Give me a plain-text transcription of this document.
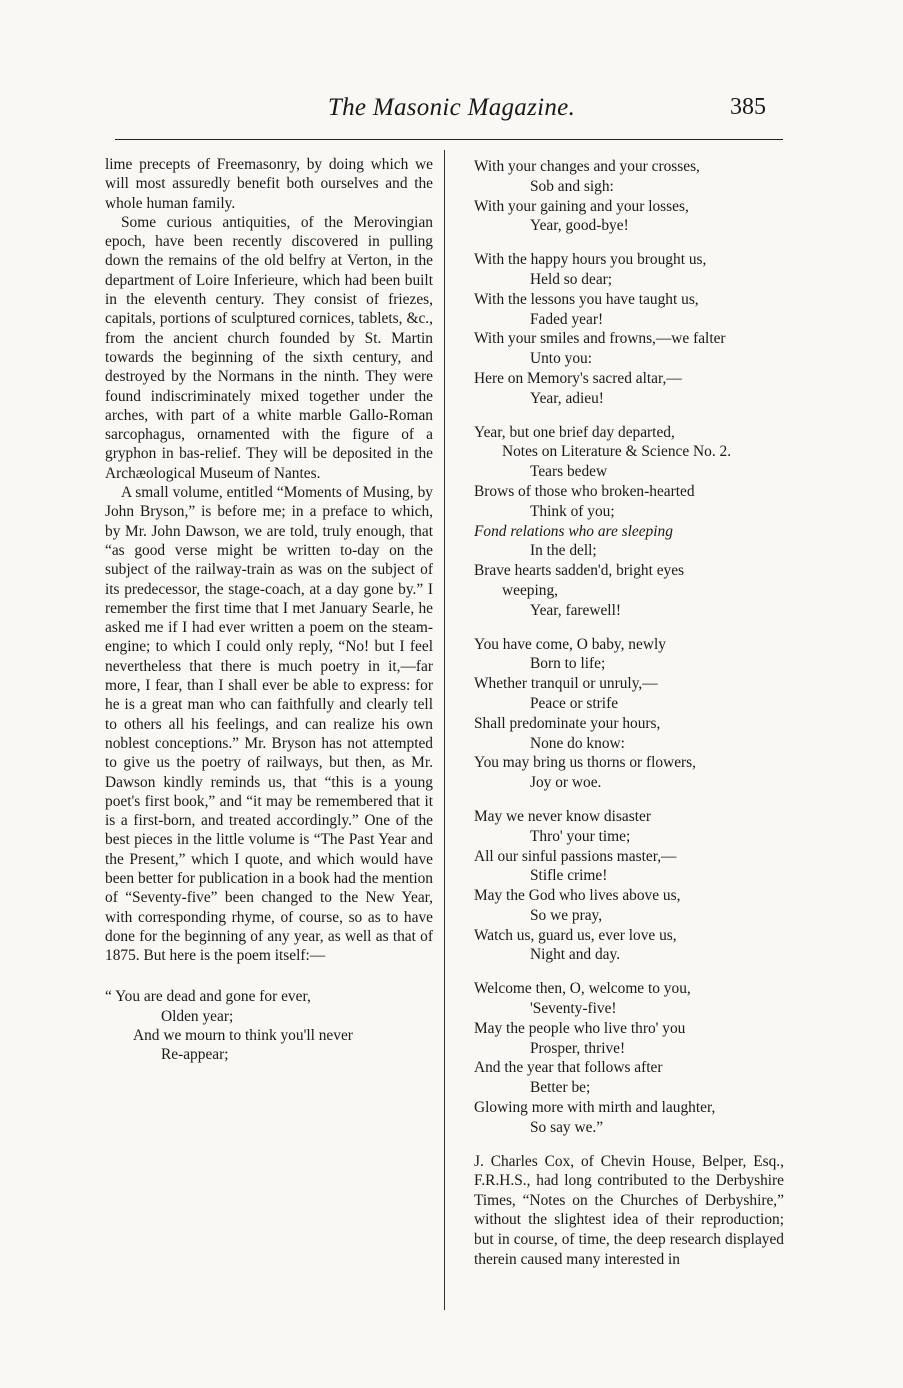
The Masonic Magazine.	385

lime precepts of Freemasonry, by doing which we will most assuredly benefit both ourselves and the whole human family.

Some curious antiquities, of the Merovingian epoch, have been recently discovered in pulling down the remains of the old belfry at Verton, in the department of Loire Inferieure, which had been built in the eleventh century. They consist of friezes, capitals, portions of sculptured cornices, tablets, &c., from the ancient church founded by St. Martin towards the beginning of the sixth century, and destroyed by the Normans in the ninth. They were found indiscriminately mixed together under the arches, with part of a white marble Gallo-Roman sarcophagus, ornamented with the figure of a gryphon in bas-relief. They will be deposited in the Archæological Museum of Nantes.

A small volume, entitled “Moments of Musing, by John Bryson,” is before me; in a preface to which, by Mr. John Dawson, we are told, truly enough, that “as good verse might be written to-day on the subject of the railway-train as was on the subject of its predecessor, the stage-coach, at a day gone by.” I remember the first time that I met January Searle, he asked me if I had ever written a poem on the steam-engine; to which I could only reply, “No! but I feel nevertheless that there is much poetry in it,—far more, I fear, than I shall ever be able to express: for he is a great man who can faithfully and clearly tell to others all his feelings, and can realize his own noblest conceptions.” Mr. Bryson has not attempted to give us the poetry of railways, but then, as Mr. Dawson kindly reminds us, that “this is a young poet's first book,” and “it may be remembered that it is a first-born, and treated accordingly.” One of the best pieces in the little volume is “The Past Year and the Present,” which I quote, and which would have been better for publication in a book had the mention of “Seventy-five” been changed to the New Year, with corresponding rhyme, of course, so as to have done for the beginning of any year, as well as that of 1875. But here is the poem itself:—

“ You are dead and gone for ever,
Olden year;
And we mourn to think you'll never
Re-appear;
With your changes and your crosses,
Sob and sigh:
With your gaining and your losses,
Year, good-bye!
With the happy hours you brought us,
Held so dear;
With the lessons you have taught us,
Faded year!
With your smiles and frowns,—we falter
Unto you:
Here on Memory's sacred altar,—
Year, adieu!
Year, but one brief day departed,
Notes on Literature & Science No. 2.
Tears bedew
Brows of those who broken-hearted
Think of you;
Fond relations who are sleeping
In the dell;
Brave hearts sadden'd, bright eyes
weeping,
Year, farewell!
You have come, O baby, newly
Born to life;
Whether tranquil or unruly,—
Peace or strife
Shall predominate your hours,
None do know:
You may bring us thorns or flowers,
Joy or woe.
May we never know disaster
Thro' your time;
All our sinful passions master,—
Stifle crime!
May the God who lives above us,
So we pray,
Watch us, guard us, ever love us,
Night and day.
Welcome then, O, welcome to you,
'Seventy-five!
May the people who live thro' you
Prosper, thrive!
And the year that follows after
Better be;
Glowing more with mirth and laughter,
So say we.”

J. Charles Cox, of Chevin House, Belper, Esq., F.R.H.S., had long contributed to the Derbyshire Times, “Notes on the Churches of Derbyshire,” without the slightest idea of their reproduction; but in course, of time, the deep research displayed therein caused many interested in
